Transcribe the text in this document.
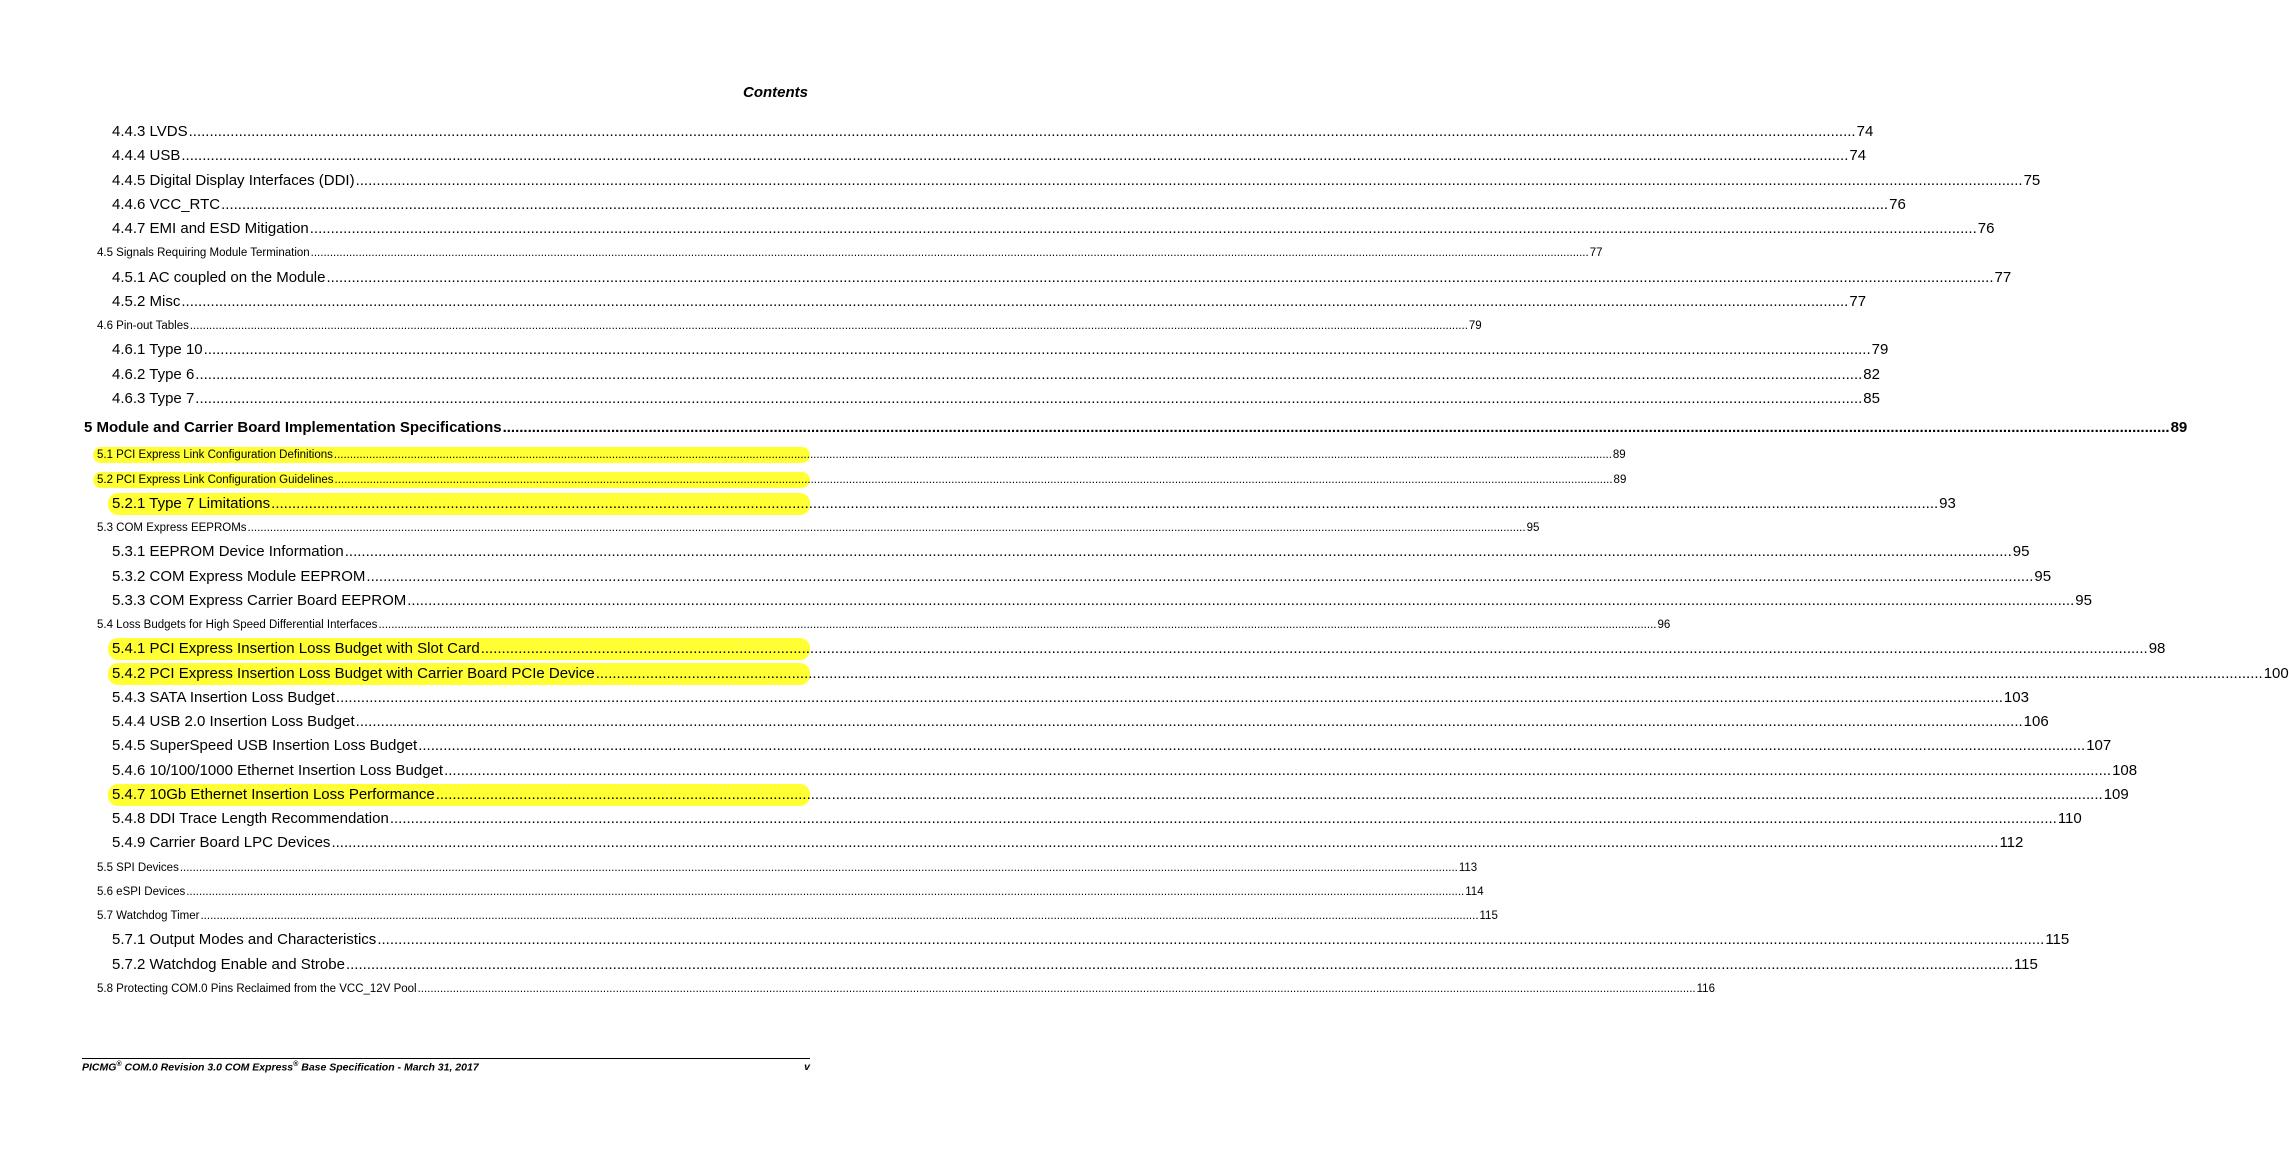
Contents
4.4.3 LVDS ................................................................................................................................................................................................................................................................................................................................................................................................................ 74
4.4.4 USB ................................................................................................................................................................................................................................................................................................................................................................................................................ 74
4.4.5 Digital Display Interfaces (DDI) ................................................................................................................................................................................................................................................................................................................................................................................................................ 75
4.4.6 VCC_RTC ................................................................................................................................................................................................................................................................................................................................................................................................................ 76
4.4.7 EMI and ESD Mitigation ................................................................................................................................................................................................................................................................................................................................................................................................................ 76
4.5 Signals Requiring Module Termination ................................................................................................................................................................................................................................................................................................................................................................................................................ 77
4.5.1 AC coupled on the Module ................................................................................................................................................................................................................................................................................................................................................................................................................ 77
4.5.2 Misc ................................................................................................................................................................................................................................................................................................................................................................................................................ 77
4.6 Pin-out Tables ................................................................................................................................................................................................................................................................................................................................................................................................................ 79
4.6.1 Type 10 ................................................................................................................................................................................................................................................................................................................................................................................................................ 79
4.6.2 Type 6 ................................................................................................................................................................................................................................................................................................................................................................................................................ 82
4.6.3 Type 7 ................................................................................................................................................................................................................................................................................................................................................................................................................ 85
5 Module and Carrier Board Implementation Specifications ................................................................................................................................................................................................................................................................................................................................................................................................................ 89
5.1 PCI Express Link Configuration Definitions ................................................................................................................................................................................................................................................................................................................................................................................................................ 89
5.2 PCI Express Link Configuration Guidelines ................................................................................................................................................................................................................................................................................................................................................................................................................ 89
5.2.1 Type 7 Limitations ................................................................................................................................................................................................................................................................................................................................................................................................................ 93
5.3 COM Express EEPROMs ................................................................................................................................................................................................................................................................................................................................................................................................................ 95
5.3.1 EEPROM Device Information ................................................................................................................................................................................................................................................................................................................................................................................................................ 95
5.3.2 COM Express Module EEPROM ................................................................................................................................................................................................................................................................................................................................................................................................................ 95
5.3.3 COM Express Carrier Board EEPROM ................................................................................................................................................................................................................................................................................................................................................................................................................ 95
5.4 Loss Budgets for High Speed Differential Interfaces ................................................................................................................................................................................................................................................................................................................................................................................................................ 96
5.4.1 PCI Express Insertion Loss Budget with Slot Card ................................................................................................................................................................................................................................................................................................................................................................................................................ 98
5.4.2 PCI Express Insertion Loss Budget with Carrier Board PCIe Device ................................................................................................................................................................................................................................................................................................................................................................................................................ 100
5.4.3 SATA Insertion Loss Budget ................................................................................................................................................................................................................................................................................................................................................................................................................ 103
5.4.4 USB 2.0 Insertion Loss Budget ................................................................................................................................................................................................................................................................................................................................................................................................................ 106
5.4.5 SuperSpeed USB Insertion Loss Budget ................................................................................................................................................................................................................................................................................................................................................................................................................ 107
5.4.6 10/100/1000 Ethernet Insertion Loss Budget ................................................................................................................................................................................................................................................................................................................................................................................................................ 108
5.4.7 10Gb Ethernet Insertion Loss Performance ................................................................................................................................................................................................................................................................................................................................................................................................................ 109
5.4.8 DDI Trace Length Recommendation ................................................................................................................................................................................................................................................................................................................................................................................................................ 110
5.4.9 Carrier Board LPC Devices ................................................................................................................................................................................................................................................................................................................................................................................................................ 112
5.5 SPI Devices ................................................................................................................................................................................................................................................................................................................................................................................................................ 113
5.6 eSPI Devices ................................................................................................................................................................................................................................................................................................................................................................................................................ 114
5.7 Watchdog Timer ................................................................................................................................................................................................................................................................................................................................................................................................................ 115
5.7.1 Output Modes and Characteristics ................................................................................................................................................................................................................................................................................................................................................................................................................ 115
5.7.2 Watchdog Enable and Strobe ................................................................................................................................................................................................................................................................................................................................................................................................................ 115
5.8 Protecting COM.0 Pins Reclaimed from the VCC_12V Pool ................................................................................................................................................................................................................................................................................................................................................................................................................ 116
PICMG® COM.0 Revision 3.0 COM Express® Base Specification - March 31, 2017	v
